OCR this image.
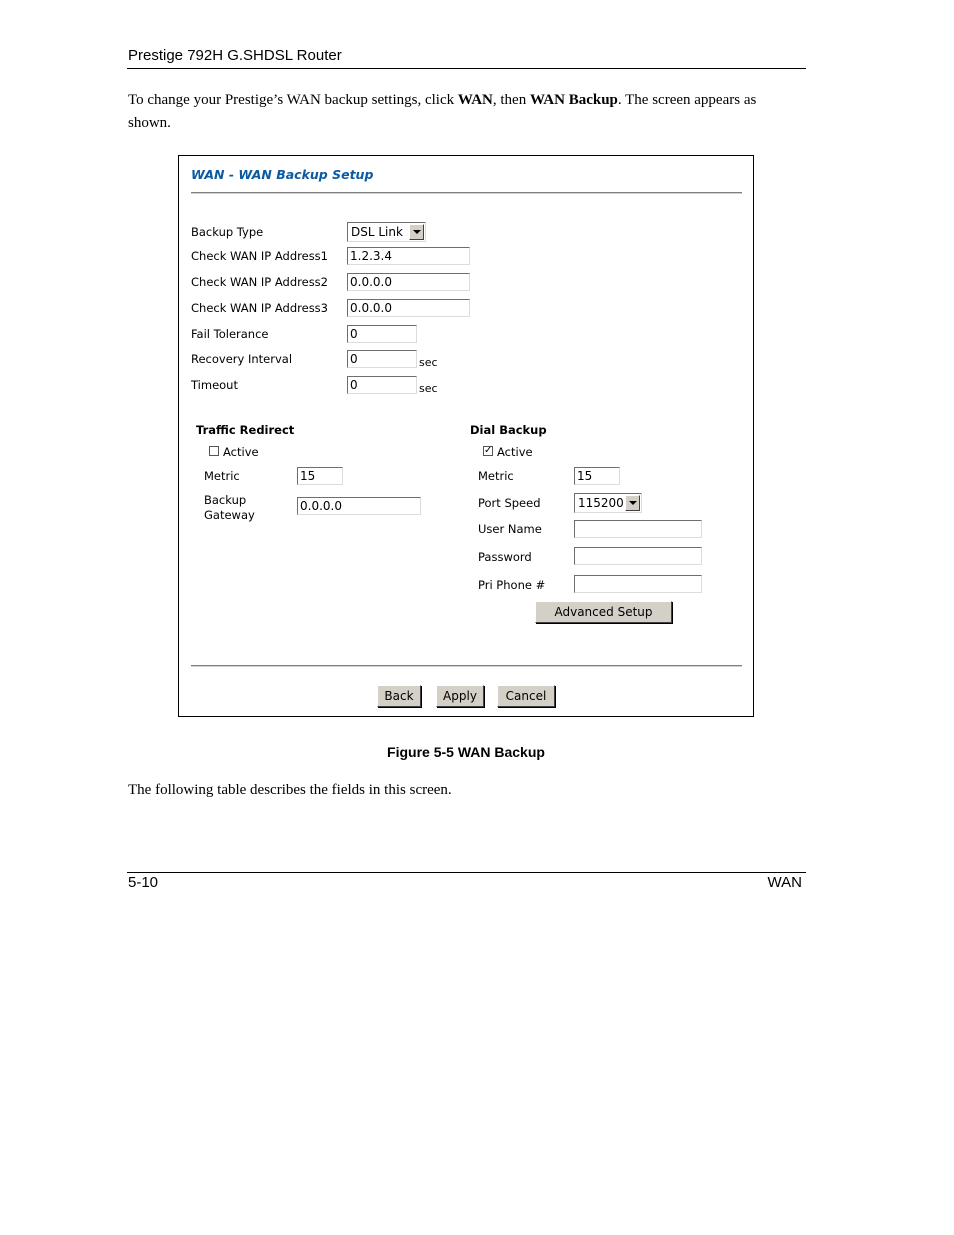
Prestige 792H G.SHDSL Router
To change your Prestige’s WAN backup settings, click WAN, then WAN Backup. The screen appears as shown.
WAN - WAN Backup Setup
Backup Type	DSL Link
Check WAN IP Address1 1.2.3.4
Check WAN IP Address2 0.0.0.0
Check WAN IP Address3 0.0.0.0
Fail Tolerance	0
Recovery Interval	0	sec
Timeout	0	sec
Traffic Redirect
Active
Metric	15
Backup
Gateway
0.0.0.0
Dial Backup
✓ Active
Metric	15
Port Speed	115200
User Name
Password
Pri Phone #
Advanced Setup
Back	Apply	Cancel
Figure 5-5 WAN Backup
The following table describes the fields in this screen.
5-10	WAN
